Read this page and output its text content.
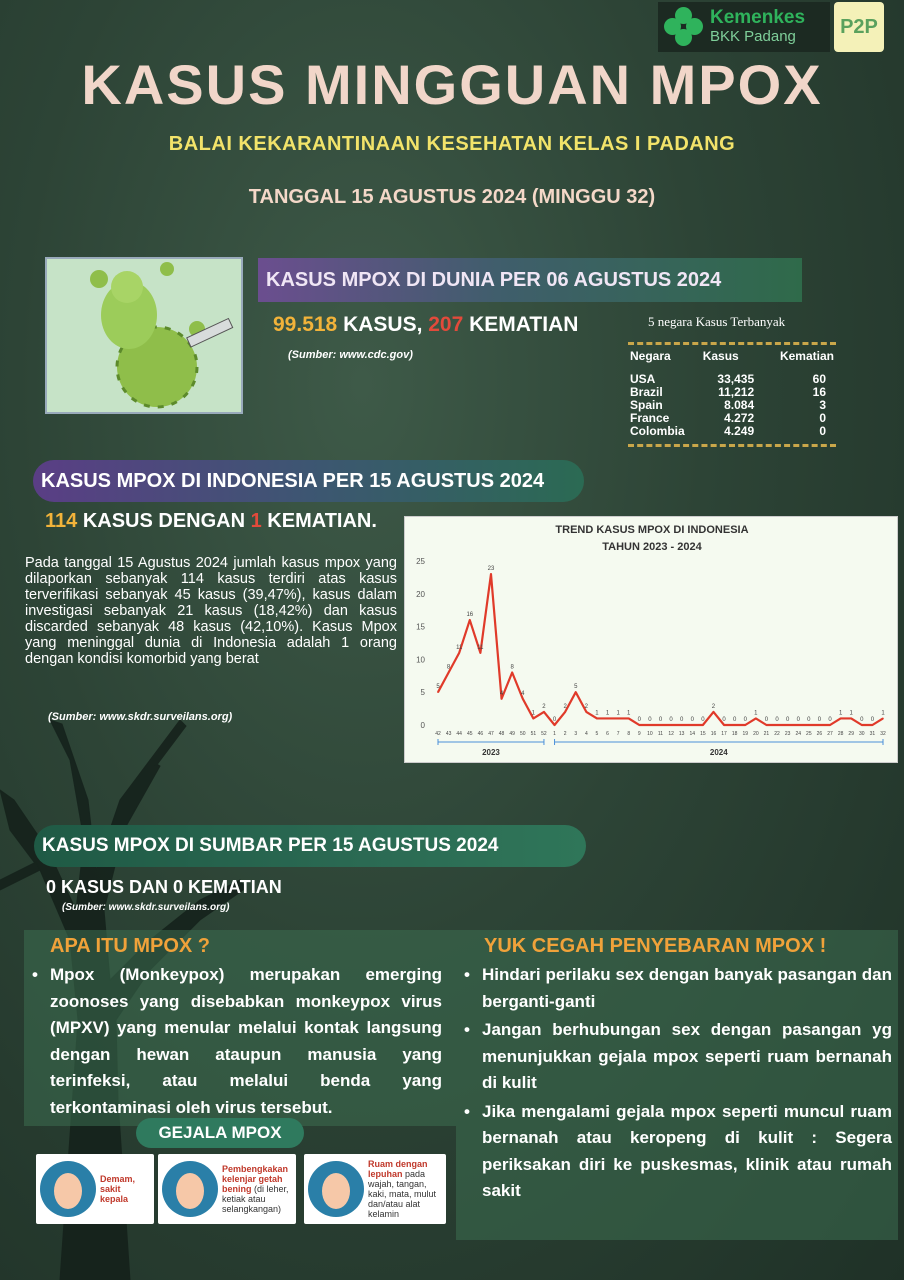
Kemenkes
BKK Padang	P2P
KASUS MINGGUAN MPOX
BALAI KEKARANTINAAN KESEHATAN KELAS I PADANG
TANGGAL 15 AGUSTUS 2024 (MINGGU 32)
KASUS MPOX DI DUNIA PER 06 AGUSTUS 2024
99.518 KASUS, 207 KEMATIAN
(Sumber: www.cdc.gov)
5 negara Kasus Terbanyak
Negara	Kasus	Kematian
USA	33,435	60
Brazil	11,212	16
Spain	8.084	3
France	4.272	0
Colombia	4.249	0
KASUS MPOX DI INDONESIA PER 15 AGUSTUS 2024
114 KASUS DENGAN 1 KEMATIAN.
Pada tanggal 15 Agustus 2024 jumlah kasus mpox yang dilaporkan sebanyak 114 kasus terdiri atas kasus terverifikasi sebanyak 45 kasus (39,47%), kasus dalam investigasi sebanyak 21 kasus (18,42%) dan kasus discarded sebanyak 48 kasus (42,10%). Kasus Mpox yang meninggal dunia di Indonesia adalah 1 orang dengan kondisi komorbid yang berat
(Sumber: www.skdr.surveilans.org)
TREND KASUS MPOX DI INDONESIA
TAHUN 2023 - 2024
0
5
10
15
20
25
42 43 44 45 46 47 48 49 50 51 52 1 2 3 4 5 6 7 8 9 10 11 12 13 14 15 16 17 18 19 20 21 22 23 24 25 26 27 28 29 30 31 32
2023	2024
5
8
11
16
11
23
4
8
4
1
2
0
2
5
2
1 1 1 1
0 0 0 0 0 0 0
2
0 0 0
1
0 0 0 0 0 0 0
1 1
0 0
1
KASUS MPOX DI SUMBAR PER 15 AGUSTUS 2024
0 KASUS DAN 0 KEMATIAN
(Sumber: www.skdr.surveilans.org)
APA ITU MPOX ?
• Mpox (Monkeypox) merupakan emerging zoonoses yang disebabkan monkeypox virus (MPXV) yang menular melalui kontak langsung dengan hewan ataupun manusia yang terinfeksi, atau melalui benda yang terkontaminasi oleh virus tersebut.
YUK CEGAH PENYEBARAN MPOX !
• Hindari perilaku sex dengan banyak pasangan dan berganti-ganti
• Jangan berhubungan sex dengan pasangan yg menunjukkan gejala mpox seperti ruam bernanah di kulit
• Jika mengalami gejala mpox seperti muncul ruam bernanah atau keropeng di kulit : Segera periksakan diri ke puskesmas, klinik atau rumah sakit
GEJALA MPOX
Demam, sakit kepala
Pembengkakan kelenjar getah bening (di leher, ketiak atau selangkangan)
Ruam dengan lepuhan pada wajah, tangan, kaki, mata, mulut dan/atau alat kelamin
